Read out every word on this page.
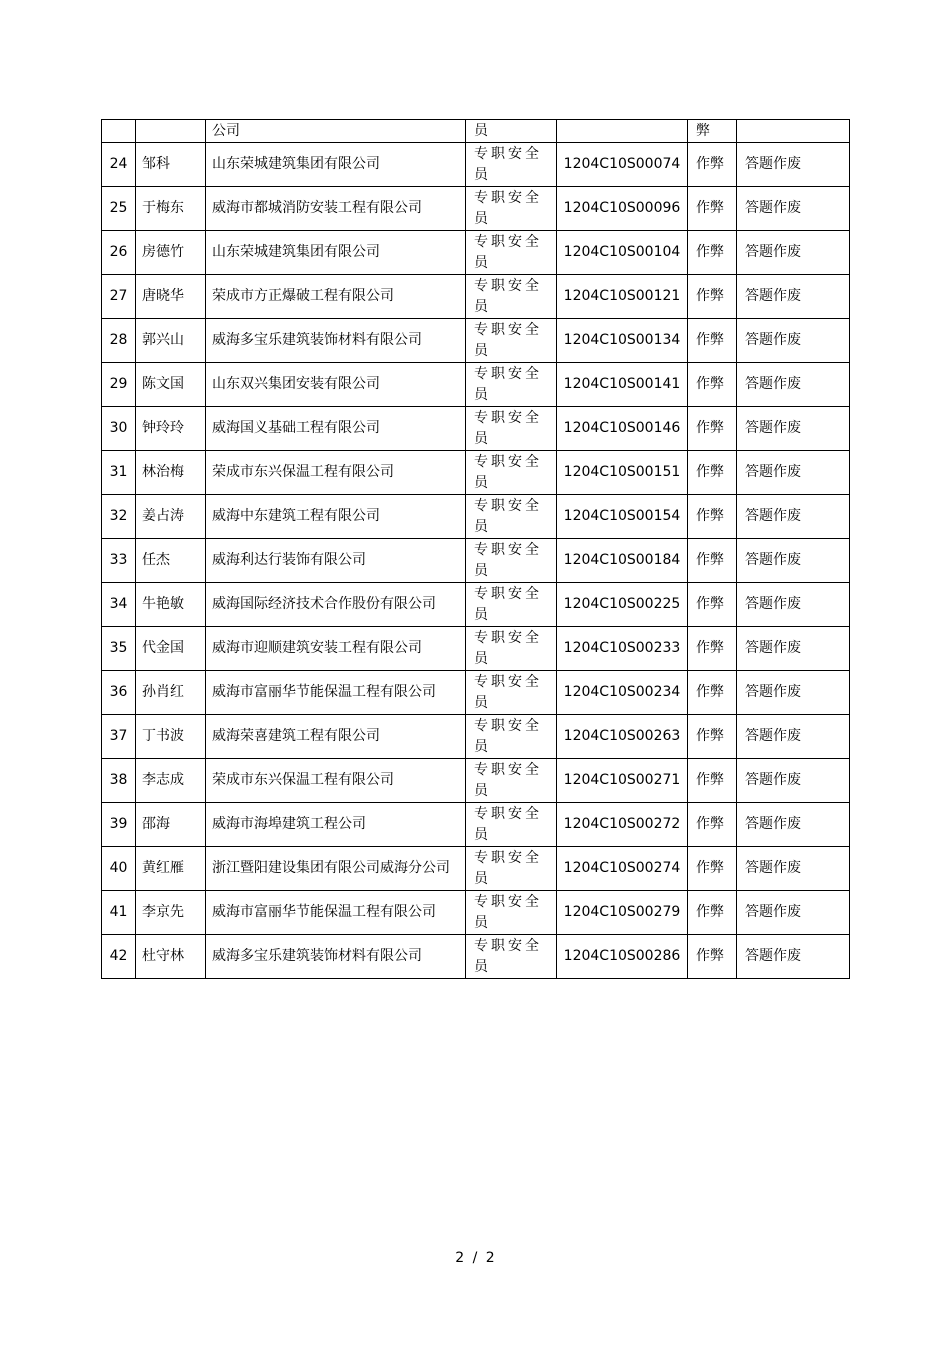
		公司	员		弊	
24	邹科	山东荣城建筑集团有限公司	专职安全员	1204C10S00074	作弊	答题作废
25	于梅东	威海市都城消防安装工程有限公司	专职安全员	1204C10S00096	作弊	答题作废
26	房德竹	山东荣城建筑集团有限公司	专职安全员	1204C10S00104	作弊	答题作废
27	唐晓华	荣成市方正爆破工程有限公司	专职安全员	1204C10S00121	作弊	答题作废
28	郭兴山	威海多宝乐建筑装饰材料有限公司	专职安全员	1204C10S00134	作弊	答题作废
29	陈文国	山东双兴集团安装有限公司	专职安全员	1204C10S00141	作弊	答题作废
30	钟玲玲	威海国义基础工程有限公司	专职安全员	1204C10S00146	作弊	答题作废
31	林治梅	荣成市东兴保温工程有限公司	专职安全员	1204C10S00151	作弊	答题作废
32	姜占涛	威海中东建筑工程有限公司	专职安全员	1204C10S00154	作弊	答题作废
33	任杰	威海利达行装饰有限公司	专职安全员	1204C10S00184	作弊	答题作废
34	牛艳敏	威海国际经济技术合作股份有限公司	专职安全员	1204C10S00225	作弊	答题作废
35	代金国	威海市迎顺建筑安装工程有限公司	专职安全员	1204C10S00233	作弊	答题作废
36	孙肖红	威海市富丽华节能保温工程有限公司	专职安全员	1204C10S00234	作弊	答题作废
37	丁书波	威海荣喜建筑工程有限公司	专职安全员	1204C10S00263	作弊	答题作废
38	李志成	荣成市东兴保温工程有限公司	专职安全员	1204C10S00271	作弊	答题作废
39	邵海	威海市海埠建筑工程公司	专职安全员	1204C10S00272	作弊	答题作废
40	黄红雁	浙江暨阳建设集团有限公司威海分公司	专职安全员	1204C10S00274	作弊	答题作废
41	李京先	威海市富丽华节能保温工程有限公司	专职安全员	1204C10S00279	作弊	答题作废
42	杜守林	威海多宝乐建筑装饰材料有限公司	专职安全员	1204C10S00286	作弊	答题作废
2 / 2
